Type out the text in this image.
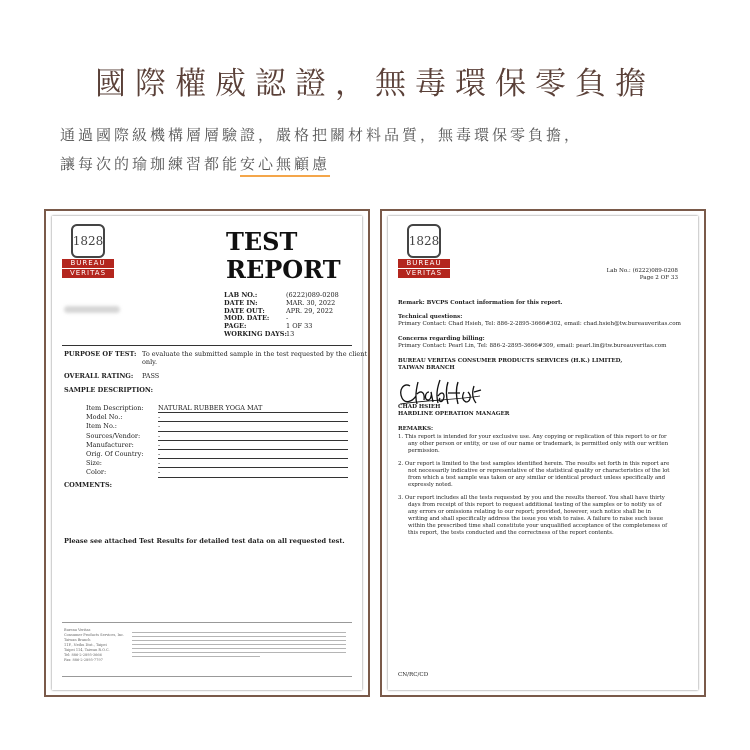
國際權威認證，無毒環保零負擔
通過國際級機構層層驗證，嚴格把關材料品質，無毒環保零負擔，
讓每次的瑜珈練習都能安心無顧慮
1828
BUREAU
VERITAS
TEST
REPORT
LAB NO.:	(6222)089-0208
DATE IN:	MAR. 30, 2022
DATE OUT:	APR. 29, 2022
MOD. DATE:	-
PAGE:	1 OF 33
WORKING DAYS:13
PURPOSE OF TEST: To evaluate the submitted sample in the test requested by the client
only.
OVERALL RATING: PASS
SAMPLE DESCRIPTION:
Item Description: NATURAL RUBBER YOGA MAT
Model No.:	-
Item No.:	-
Sources/Vendor:	-
Manufacturer:	-
Orig. Of Country: -
Size:	-
Color:	-
COMMENTS:
Please see attached Test Results for detailed test data on all requested test.
Bureau Veritas
Consumer Products Services, Inc.
Taiwan Branch
11F., Neihu Dist., Taipei
Taipei 114, Taiwan R.O.C.
Tel: 886-2-2895-3666
Fax: 886-2-2895-7797
1828
BUREAU
VERITAS	Lab No.: (6222)089-0208
Page 2 OF 33
Remark: BVCPS Contact information for this report.
Technical questions:
Primary Contact: Chad Hsieh, Tel: 886-2-2895-3666#302, email: chad.hsieh@tw.bureauveritas.com
Concerns regarding billing:
Primary Contact: Pearl Lin, Tel: 886-2-2895-3666#309, email: pearl.lin@tw.bureauveritas.com
BUREAU VERITAS CONSUMER PRODUCTS SERVICES (H.K.) LIMITED,
TAIWAN BRANCH
CHAD HSIEH
HARDLINE OPERATION MANAGER
REMARKS:

1. This report is intended for your exclusive use. Any copying or replication of this report to or for any other person or entity, or use of our name or trademark, is permitted only with our written permission.

2. Our report is limited to the test samples identified herein. The results set forth in this report are not necessarily indicative or representative of the statistical quality or characteristics of the lot from which a test sample was taken or any similar or identical product unless specifically and expressly noted.

3. Our report includes all the tests requested by you and the results thereof. You shall have thirty days from receipt of this report to request additional testing of the samples or to notify us of any errors or omissions relating to our report; provided, however, such notice shall be in writing and shall specifically address the issue you wish to raise. A failure to raise such issue within the prescribed time shall constitute your unqualified acceptance of the completeness of this report, the tests conducted and the correctness of the report contents.

CN/RC/CD
